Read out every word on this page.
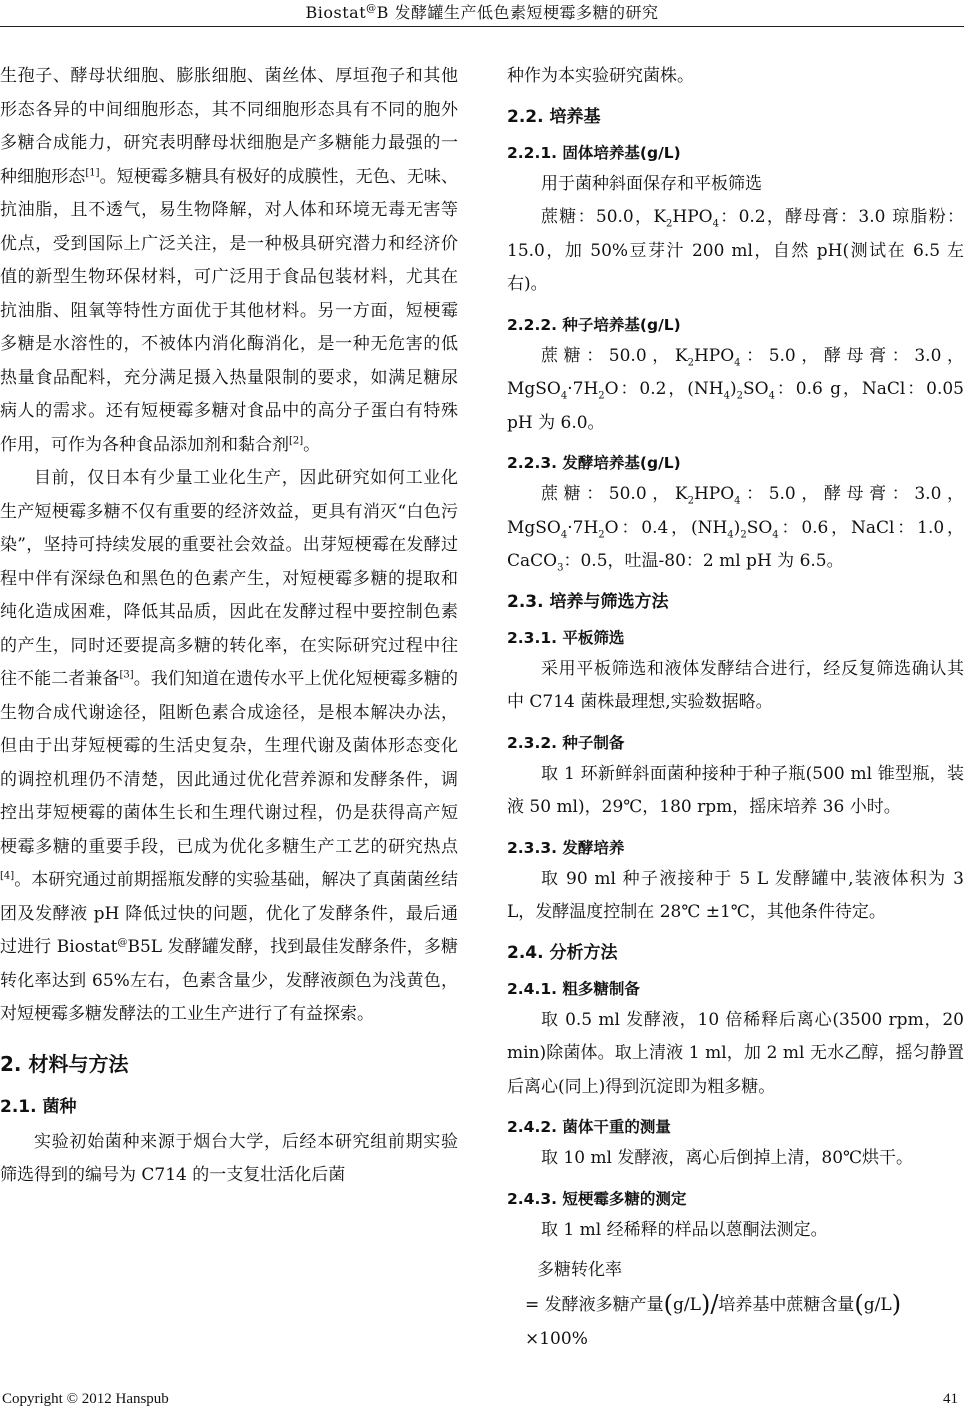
Biostat@B 发酵罐生产低色素短梗霉多糖的研究

生孢子、酵母状细胞、膨胀细胞、菌丝体、厚垣孢子和其他形态各异的中间细胞形态，其不同细胞形态具有不同的胞外多糖合成能力，研究表明酵母状细胞是产多糖能力最强的一种细胞形态[1]。短梗霉多糖具有极好的成膜性，无色、无味、抗油脂，且不透气，易生物降解，对人体和环境无毒无害等优点，受到国际上广泛关注，是一种极具研究潜力和经济价值的新型生物环保材料，可广泛用于食品包装材料，尤其在抗油脂、阻氧等特性方面优于其他材料。另一方面，短梗霉多糖是水溶性的，不被体内消化酶消化，是一种无危害的低热量食品配料，充分满足摄入热量限制的要求，如满足糖尿病人的需求。还有短梗霉多糖对食品中的高分子蛋白有特殊作用，可作为各种食品添加剂和黏合剂[2]。

目前，仅日本有少量工业化生产，因此研究如何工业化生产短梗霉多糖不仅有重要的经济效益，更具有消灭“白色污染”，坚持可持续发展的重要社会效益。出芽短梗霉在发酵过程中伴有深绿色和黑色的色素产生，对短梗霉多糖的提取和纯化造成困难，降低其品质，因此在发酵过程中要控制色素的产生，同时还要提高多糖的转化率，在实际研究过程中往往不能二者兼备[3]。我们知道在遗传水平上优化短梗霉多糖的生物合成代谢途径，阻断色素合成途径，是根本解决办法，但由于出芽短梗霉的生活史复杂，生理代谢及菌体形态变化的调控机理仍不清楚，因此通过优化营养源和发酵条件，调控出芽短梗霉的菌体生长和生理代谢过程，仍是获得高产短梗霉多糖的重要手段，已成为优化多糖生产工艺的研究热点[4]。本研究通过前期摇瓶发酵的实验基础，解决了真菌菌丝结团及发酵液 pH 降低过快的问题，优化了发酵条件，最后通过进行 Biostat@B5L 发酵罐发酵，找到最佳发酵条件，多糖转化率达到 65%左右，色素含量少，发酵液颜色为浅黄色，对短梗霉多糖发酵法的工业生产进行了有益探索。

2. 材料与方法
2.1. 菌种

实验初始菌种来源于烟台大学，后经本研究组前期实验筛选得到的编号为 C714 的一支复壮活化后菌

种作为本实验研究菌株。

2.2. 培养基
2.2.1. 固体培养基(g/L)

用于菌种斜面保存和平板筛选

蔗糖：50.0，$K_2HPO_4$：0.2，酵母膏：3.0 琼脂粉：15.0，加 50%豆芽汁 200 ml，自然 pH(测试在 6.5 左右)。

2.2.2. 种子培养基(g/L)

蔗糖：50.0，$K_2HPO_4$：5.0，酵母膏：3.0，$MgSO_4\cdot 7H_2O$：0.2，$(NH_4)_2SO_4$：0.6 g，NaCl：0.05 pH 为 6.0。

2.2.3. 发酵培养基(g/L)

蔗糖：50.0，$K_2HPO_4$：5.0，酵母膏：3.0，$MgSO_4\cdot 7H_2O$：0.4，$(NH_4)_2SO_4$：0.6，NaCl：1.0，CaCO$_3$：0.5，吐温-80：2 ml pH 为 6.5。

2.3. 培养与筛选方法
2.3.1. 平板筛选

采用平板筛选和液体发酵结合进行，经反复筛选确认其中 C714 菌株最理想,实验数据略。

2.3.2. 种子制备

取 1 环新鲜斜面菌种接种于种子瓶(500 ml 锥型瓶，装液 50 ml)，29℃，180 rpm，摇床培养 36 小时。

2.3.3. 发酵培养

取 90 ml 种子液接种于 5 L 发酵罐中,装液体积为 3 L，发酵温度控制在 28℃ ±1℃，其他条件待定。

2.4. 分析方法
2.4.1. 粗多糖制备

取 0.5 ml 发酵液，10 倍稀释后离心(3500 rpm，20 min)除菌体。取上清液 1 ml，加 2 ml 无水乙醇，摇匀静置后离心(同上)得到沉淀即为粗多糖。

2.4.2. 菌体干重的测量

取 10 ml 发酵液，离心后倒掉上清，80℃烘干。

2.4.3. 短梗霉多糖的测定

取 1 ml 经稀释的样品以蒽酮法测定。

多糖转化率
= 发酵液多糖产量(g/L)/培养基中蔗糖含量(g/L)
×100%
Copyright © 2012 Hanspub	41
